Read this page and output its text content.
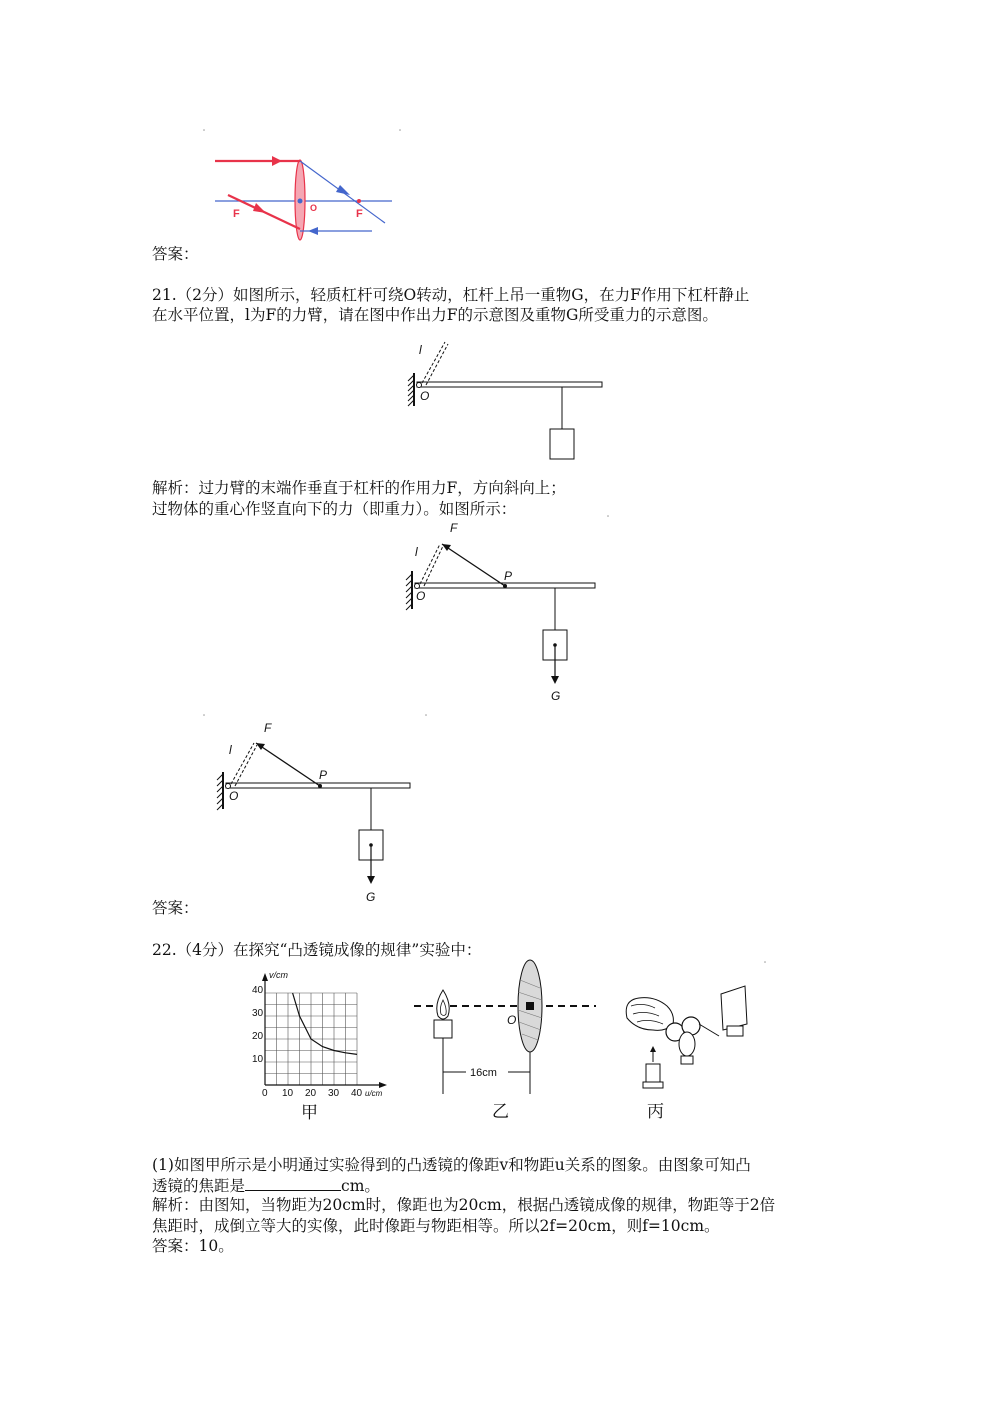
F	F
O
答案：
21.（2分）如图所示，轻质杠杆可绕O转动，杠杆上吊一重物G，在力F作用下杠杆静止
在水平位置，l为F的力臂，请在图中作出力F的示意图及重物G所受重力的示意图。
l
O
解析：过力臂的末端作垂直于杠杆的作用力F，方向斜向上；
过物体的重心作竖直向下的力（即重力）。如图所示：
F
l
P
O
G
F
l
P
O
G
答案：
22.（4分）在探究“凸透镜成像的规律”实验中：
v/cm
u/cm
40
30
20
10
0 10 20 30 40
甲
O
16cm
乙	丙
(1)如图甲所示是小明通过实验得到的凸透镜的像距v和物距u关系的图象。由图象可知凸
透镜的焦距是	cm。
解析：由图知，当物距为20cm时，像距也为20cm，根据凸透镜成像的规律，物距等于2倍
焦距时，成倒立等大的实像，此时像距与物距相等。所以2f=20cm，则f=10cm。
答案：10。
